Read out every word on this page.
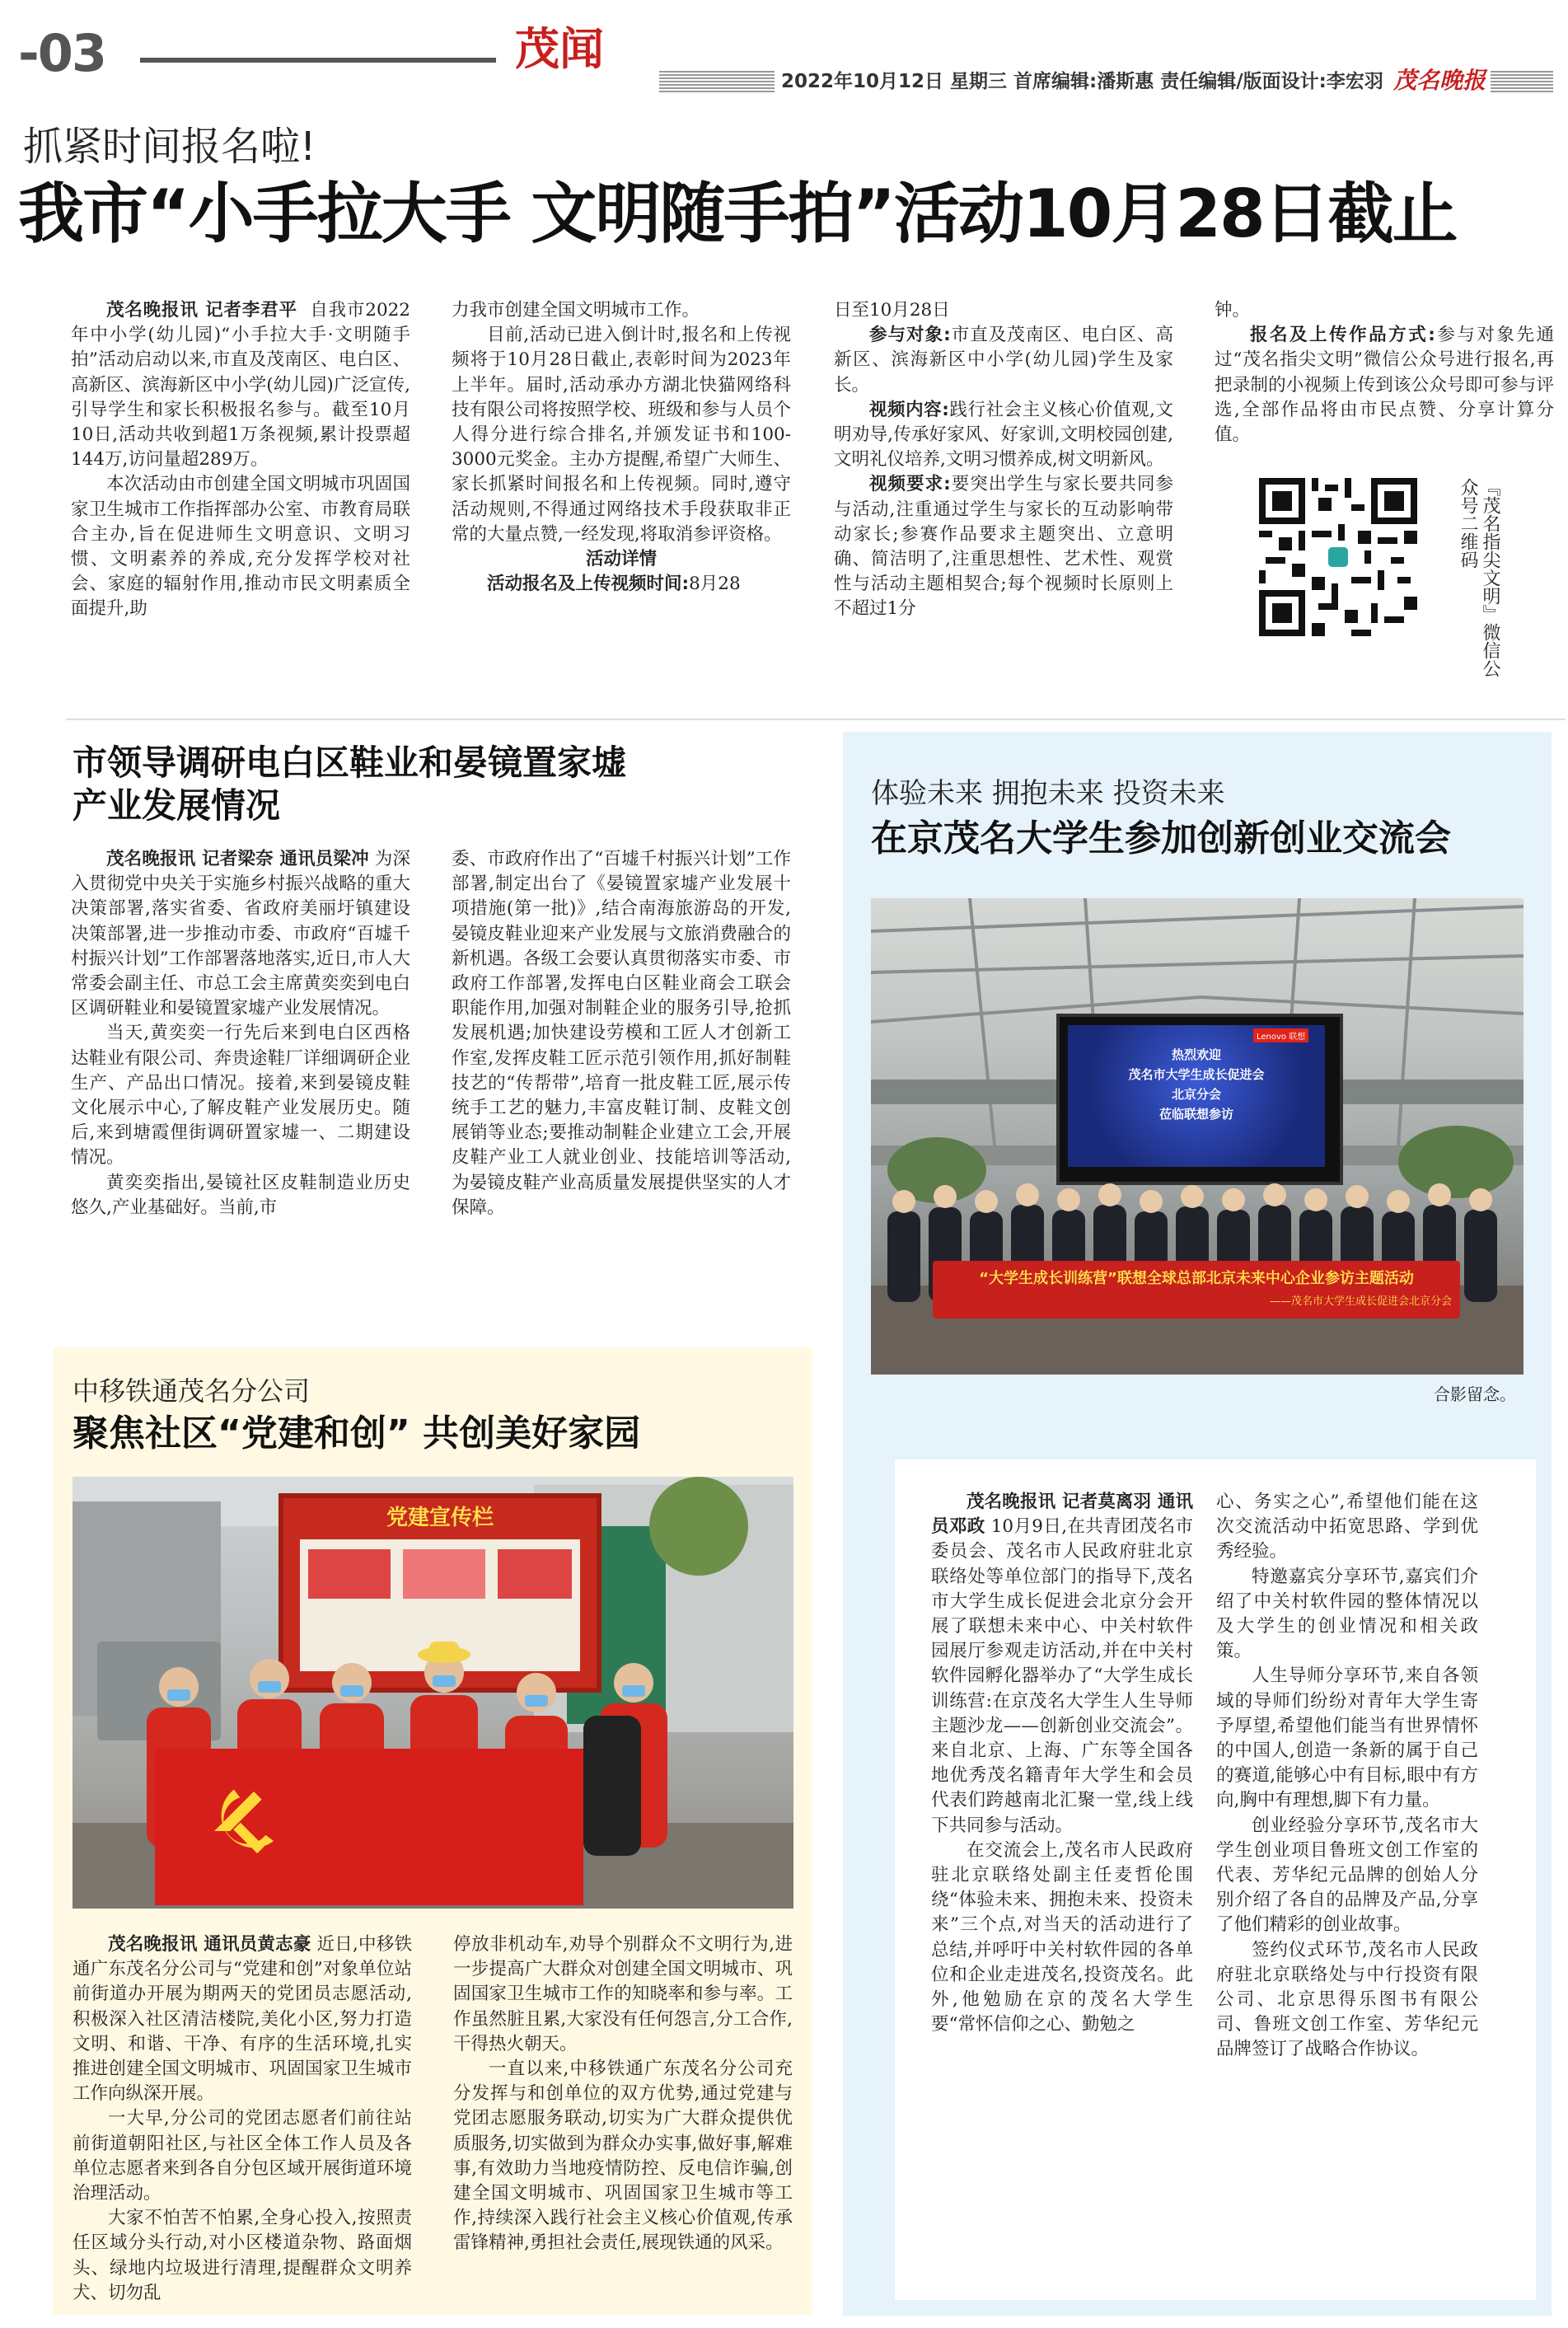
-03	茂闻
2022年10月12日 星期三 首席编辑:潘斯惠 责任编辑/版面设计:李宏羽 茂名晚报
抓紧时间报名啦!
我市“小手拉大手 文明随手拍”活动10月28日截止

茂名晚报讯 记者李君平 自我市2022年中小学(幼儿园)“小手拉大手·文明随手拍”活动启动以来,市直及茂南区、电白区、高新区、滨海新区中小学(幼儿园)广泛宣传,引导学生和家长积极报名参与。截至10月10日,活动共收到超1万条视频,累计投票超144万,访问量超289万。

本次活动由市创建全国文明城市巩固国家卫生城市工作指挥部办公室、市教育局联合主办,旨在促进师生文明意识、文明习惯、文明素养的养成,充分发挥学校对社会、家庭的辐射作用,推动市民文明素质全面提升,助

力我市创建全国文明城市工作。

目前,活动已进入倒计时,报名和上传视频将于10月28日截止,表彰时间为2023年上半年。届时,活动承办方湖北快猫网络科技有限公司将按照学校、班级和参与人员个人得分进行综合排名,并颁发证书和100-3000元奖金。主办方提醒,希望广大师生、家长抓紧时间报名和上传视频。同时,遵守活动规则,不得通过网络技术手段获取非正常的大量点赞,一经发现,将取消参评资格。

活动详情

活动报名及上传视频时间:8月28

日至10月28日

参与对象:市直及茂南区、电白区、高新区、滨海新区中小学(幼儿园)学生及家长。

视频内容:践行社会主义核心价值观,文明劝导,传承好家风、好家训,文明校园创建,文明礼仪培养,文明习惯养成,树文明新风。

视频要求:要突出学生与家长要共同参与活动,注重通过学生与家长的互动影响带动家长;参赛作品要求主题突出、立意明确、简洁明了,注重思想性、艺术性、观赏性与活动主题相契合;每个视频时长原则上不超过1分

钟。

报名及上传作品方式:参与对象先通过“茂名指尖文明”微信公众号进行报名,再把录制的小视频上传到该公众号即可参与评选,全部作品将由市民点赞、分享计算分值。

『茂名指尖文明』微信公众号二维码
市领导调研电白区鞋业和晏镜置家墟
产业发展情况

茂名晚报讯 记者梁奈 通讯员梁冲 为深入贯彻党中央关于实施乡村振兴战略的重大决策部署,落实省委、省政府美丽圩镇建设决策部署,进一步推动市委、市政府“百墟千村振兴计划”工作部署落地落实,近日,市人大常委会副主任、市总工会主席黄奕奕到电白区调研鞋业和晏镜置家墟产业发展情况。

当天,黄奕奕一行先后来到电白区西格达鞋业有限公司、奔贵途鞋厂详细调研企业生产、产品出口情况。接着,来到晏镜皮鞋文化展示中心,了解皮鞋产业发展历史。随后,来到塘霞俚街调研置家墟一、二期建设情况。

黄奕奕指出,晏镜社区皮鞋制造业历史悠久,产业基础好。当前,市

委、市政府作出了“百墟千村振兴计划”工作部署,制定出台了《晏镜置家墟产业发展十项措施(第一批)》,结合南海旅游岛的开发,晏镜皮鞋业迎来产业发展与文旅消费融合的新机遇。各级工会要认真贯彻落实市委、市政府工作部署,发挥电白区鞋业商会工联会职能作用,加强对制鞋企业的服务引导,抢抓发展机遇;加快建设劳模和工匠人才创新工作室,发挥皮鞋工匠示范引领作用,抓好制鞋技艺的“传帮带”,培育一批皮鞋工匠,展示传统手工艺的魅力,丰富皮鞋订制、皮鞋文创展销等业态;要推动制鞋企业建立工会,开展皮鞋产业工人就业创业、技能培训等活动,为晏镜皮鞋产业高质量发展提供坚实的人才保障。

体验未来 拥抱未来 投资未来
在京茂名大学生参加创新创业交流会
Lenovo 联想
热烈欢迎
茂名市大学生成长促进会
北京分会
莅临联想参访
“大学生成长训练营”联想全球总部北京未来中心企业参访主题活动
——茂名市大学生成长促进会北京分会
合影留念。

茂名晚报讯 记者莫离羽 通讯员邓政 10月9日,在共青团茂名市委员会、茂名市人民政府驻北京联络处等单位部门的指导下,茂名市大学生成长促进会北京分会开展了联想未来中心、中关村软件园展厅参观走访活动,并在中关村软件园孵化器举办了“大学生成长训练营:在京茂名大学生人生导师主题沙龙——创新创业交流会”。来自北京、上海、广东等全国各地优秀茂名籍青年大学生和会员代表们跨越南北汇聚一堂,线上线下共同参与活动。

在交流会上,茂名市人民政府驻北京联络处副主任麦哲伦围绕“体验未来、拥抱未来、投资未来”三个点,对当天的活动进行了总结,并呼吁中关村软件园的各单位和企业走进茂名,投资茂名。此外,他勉励在京的茂名大学生要“常怀信仰之心、勤勉之

心、务实之心”,希望他们能在这次交流活动中拓宽思路、学到优秀经验。

特邀嘉宾分享环节,嘉宾们介绍了中关村软件园的整体情况以及大学生的创业情况和相关政策。

人生导师分享环节,来自各领域的导师们纷纷对青年大学生寄予厚望,希望他们能当有世界情怀的中国人,创造一条新的属于自己的赛道,能够心中有目标,眼中有方向,胸中有理想,脚下有力量。

创业经验分享环节,茂名市大学生创业项目鲁班文创工作室的代表、芳华纪元品牌的创始人分别介绍了各自的品牌及产品,分享了他们精彩的创业故事。

签约仪式环节,茂名市人民政府驻北京联络处与中行投资有限公司、北京思得乐图书有限公司、鲁班文创工作室、芳华纪元品牌签订了战略合作协议。

中移铁通茂名分公司
聚焦社区“党建和创” 共创美好家园
党建宣传栏

茂名晚报讯 通讯员黄志豪 近日,中移铁通广东茂名分公司与“党建和创”对象单位站前街道办开展为期两天的党团员志愿活动,积极深入社区清洁楼院,美化小区,努力打造文明、和谐、干净、有序的生活环境,扎实推进创建全国文明城市、巩固国家卫生城市工作向纵深开展。

一大早,分公司的党团志愿者们前往站前街道朝阳社区,与社区全体工作人员及各单位志愿者来到各自分包区域开展街道环境治理活动。

大家不怕苦不怕累,全身心投入,按照责任区域分头行动,对小区楼道杂物、路面烟头、绿地内垃圾进行清理,提醒群众文明养犬、切勿乱

停放非机动车,劝导个别群众不文明行为,进一步提高广大群众对创建全国文明城市、巩固国家卫生城市工作的知晓率和参与率。工作虽然脏且累,大家没有任何怨言,分工合作,干得热火朝天。

一直以来,中移铁通广东茂名分公司充分发挥与和创单位的双方优势,通过党建与党团志愿服务联动,切实为广大群众提供优质服务,切实做到为群众办实事,做好事,解难事,有效助力当地疫情防控、反电信诈骗,创建全国文明城市、巩固国家卫生城市等工作,持续深入践行社会主义核心价值观,传承雷锋精神,勇担社会责任,展现铁通的风采。
